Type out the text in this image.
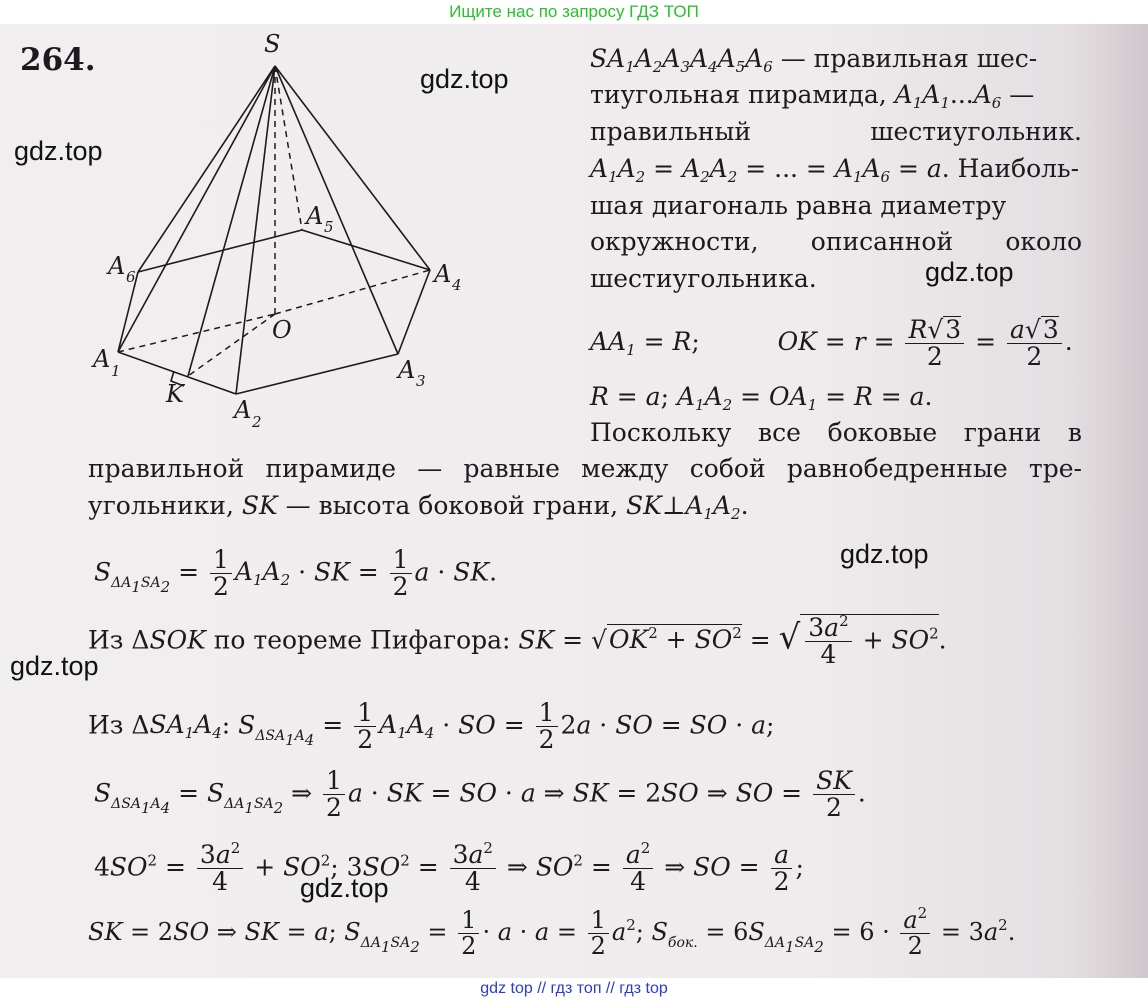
Ищите нас по запросу ГДЗ ТОП
264.	S
A 1
A 2
A 3
A 4
A 5
A 6
O
K
gdz.top
gdz.top
gdz.top
gdz.top
gdz.top
gdz.top
$SA_1A_2A_3A_4A_5A_6$ — правильная шес-
тиугольная пирамида, $A_1A_1...A_6$ —
правильный	шестиугольник.
$A_1A_2 = A_2A_2$ = ... = $A_1A_6 = a$. Наиболь-
шая диагональ равна диаметру
окружности, описанной около
шестиугольника.
$AA_1 = R$;	OK = $r = \frac{R√3}{2} = \frac{a√3}{2}$ .
R = a; $A_1A_2 = OA_1 = R = a$.
Поскольку все боковые грани в
правильной пирамиде — равные между собой равнобедренные тре-
угольники, SK — высота боковой грани, $SK\perp A_1A_2$.
$S_{\Delta A_1SA_2} = \frac{1}{2} A_1A_2$ · SK = $\frac{1}{2}$ a · SK.
Из ΔSOK по теореме Пифагора: SK = $√OK^2 + SO^2$ = √ $\frac{3a^2}{4} + SO^2$.
Из $\Delta SA_1A_4$: $S_{\Delta SA_1A_4} = \frac{1}{2} A_1A_4$ · SO = $\frac{1}{2} 2a$ · SO = SO · a;
$S_{\Delta SA_1A_4} = S_{\Delta A_1SA_2}$ ⇒ $\frac{1}{2}$ a · SK = SO · a ⇒ SK = 2SO ⇒ SO = $\frac{SK}{2}$ .
$4SO^2 = \frac{3a^2}{4} + SO^2$; $3SO^2 = \frac{3a^2}{4}$ ⇒ $SO^2 = \frac{a^2}{4}$ ⇒ SO = $\frac{a}{2}$ ;
SK = 2SO ⇒ SK = a; $S_{\Delta A_1SA_2} = \frac{1}{2} \cdot a \cdot a = \frac{1}{2} a^2$; $S_{бок.} = 6S_{\Delta A_1SA_2} = 6 \cdot \frac{a^2}{2} = 3a^2$.
gdz top // гдз топ // гдз top
